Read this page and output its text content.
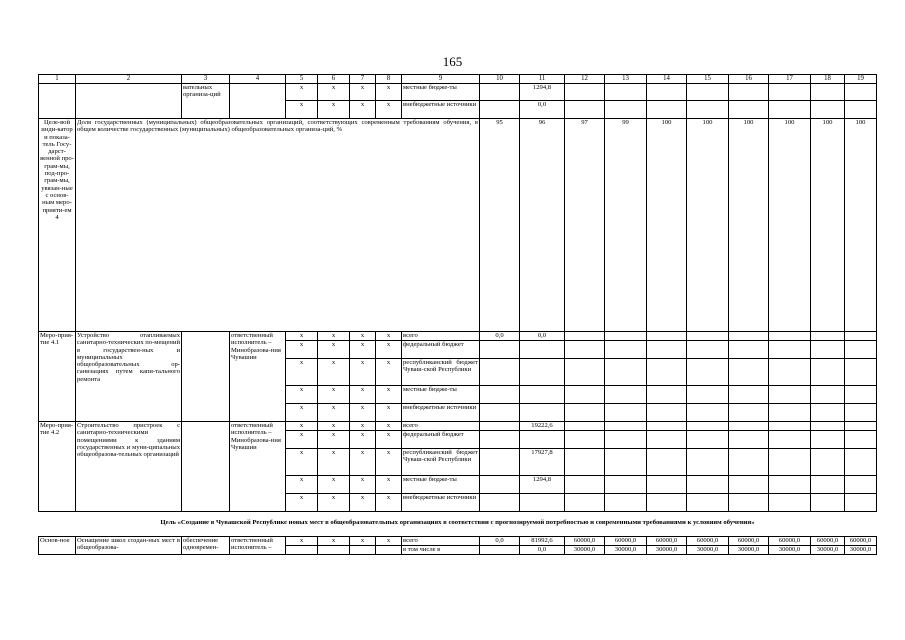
165
1	2	3	4	5	6	7	8	9	10	11	12	13	14	15	16	17	18	19
		вательных организа-ций		x	x	x	x	местные бюдже-ты		1294,8								
				x	x	x	x	внебюджетные источники		0,0								
Целе-вой инди-катор и показа-тель Госу-дарст-венной про-грам-мы, под-про-грам-мы, увязан-ные с основ-ным меро-прияти-ем 4	Доля государственных (муниципальных) общеобразовательных организаций, соответствующих современным требованиям обучения, в общем количестве государственных (муниципальных) общеобразовательных организа-ций, %								95	96	97	99	100	100	100	100	100	100
Меро-прия-тие 4.1	Устройство отапливаемых санитарно-технических по-мещений в государствен-ных и муниципальных общеобразовательных ор-ганизациях путем капи-тального ремонта		ответственный исполнитель – Минобразова-ния Чувашии	x	x	x	x	всего	0,0	0,0								
				x	x	x	x	федеральный бюджет										
				x	x	x	x	республиканский бюджет Чуваш-ской Республики										
				x	x	x	x	местные бюдже-ты										
				x	x	x	x	внебюджетные источники										
Меро-прия-тие 4.2	Строительство пристроек с санитарно-техническими помещениями к зданиям государственных и муни-ципальных общеобразова-тельных организаций		ответственный исполнитель – Минобразова-ния Чувашии	x	x	x	x	всего		19222,6								
				x	x	x	x	федеральный бюджет										
				x	x	x	x	республиканский бюджет Чуваш-ской Республики		17927,8								
				x	x	x	x	местные бюдже-ты		1294,8								
				x	x	x	x	внебюджетные источники										
Цель «Создание в Чувашской Республике новых мест в общеобразовательных организациях в соответствии с прогнозируемой потребностью и современными требованиями к условиям обучения»																		
Основ-ное	Оснащение школ создан-ных мест в общеобразова-	обеспечение одновремен-	ответственный исполнитель –	x	x	x	x	всего	0,0	81992,6	60000,0	60000,0	60000,0	60000,0	60000,0	60000,0	60000,0	60000,0
								в том числе в		0,0	30000,0	30000,0	30000,0	30000,0	30000,0	30000,0	30000,0	30000,0
